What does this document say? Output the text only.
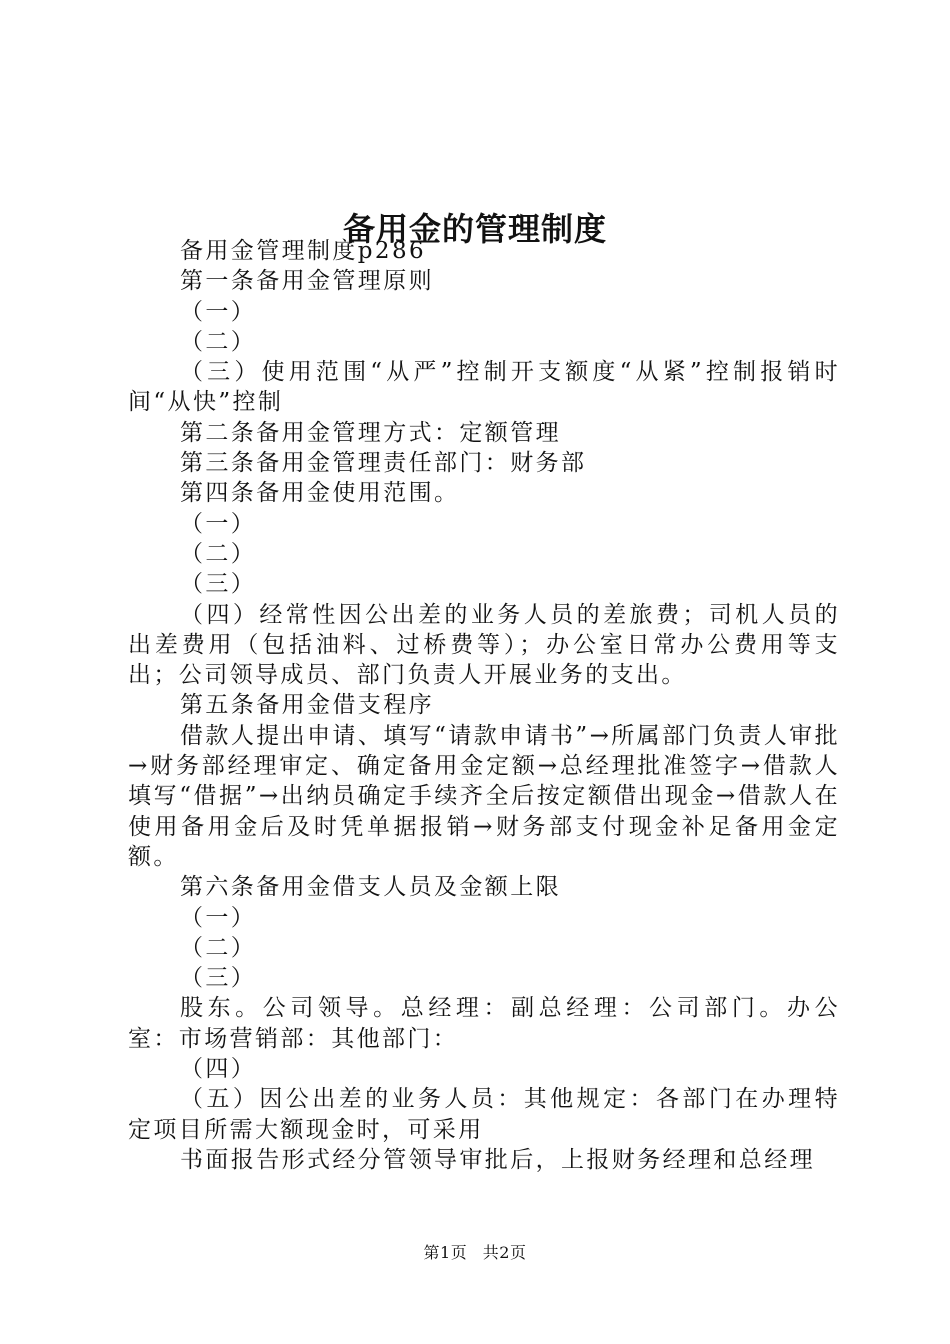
备用金的管理制度

备用金管理制度p286

第一条备用金管理原则

（一）

（二）

（三）使用范围“从严”控制开支额度“从紧”控制报销时间“从快”控制

第二条备用金管理方式：定额管理

第三条备用金管理责任部门：财务部

第四条备用金使用范围。

（一）

（二）

（三）

（四）经常性因公出差的业务人员的差旅费；司机人员的出差费用（包括油料、过桥费等）；办公室日常办公费用等支出；公司领导成员、部门负责人开展业务的支出。

第五条备用金借支程序

借款人提出申请、填写“请款申请书”→所属部门负责人审批→财务部经理审定、确定备用金定额→总经理批准签字→借款人填写“借据”→出纳员确定手续齐全后按定额借出现金→借款人在使用备用金后及时凭单据报销→财务部支付现金补足备用金定额。

第六条备用金借支人员及金额上限

（一）

（二）

（三）

股东。公司领导。总经理：副总经理：公司部门。办公室：市场营销部：其他部门：

（四）

（五）因公出差的业务人员：其他规定：各部门在办理特定项目所需大额现金时，可采用

书面报告形式经分管领导审批后，上报财务经理和总经理

第1页 共2页
